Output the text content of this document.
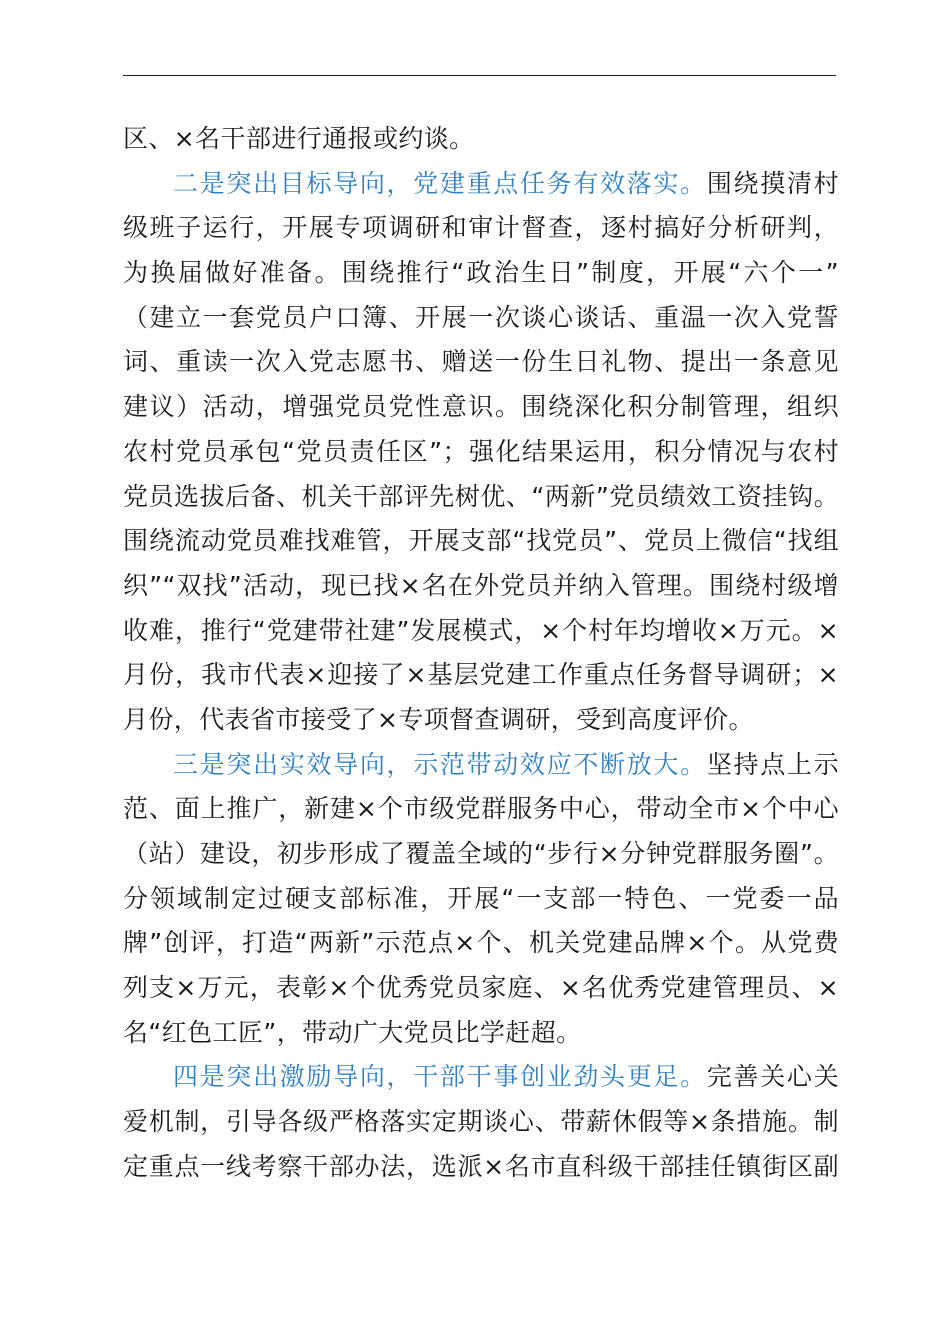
区、×名干部进行通报或约谈。
二是突出目标导向，党建重点任务有效落实。围绕摸清村
级班子运行，开展专项调研和审计督查，逐村搞好分析研判，
为换届做好准备。围绕推行“政治生日”制度，开展“六个一”
（建立一套党员户口簿、开展一次谈心谈话、重温一次入党誓
词、重读一次入党志愿书、赠送一份生日礼物、提出一条意见
建议）活动，增强党员党性意识。围绕深化积分制管理，组织
农村党员承包“党员责任区”；强化结果运用，积分情况与农村
党员选拔后备、机关干部评先树优、“两新”党员绩效工资挂钩。
围绕流动党员难找难管，开展支部“找党员”、党员上微信“找组
织”“双找”活动，现已找×名在外党员并纳入管理。围绕村级增
收难，推行“党建带社建”发展模式，×个村年均增收×万元。×
月份，我市代表×迎接了×基层党建工作重点任务督导调研；×
月份，代表省市接受了×专项督查调研，受到高度评价。
三是突出实效导向，示范带动效应不断放大。坚持点上示
范、面上推广，新建×个市级党群服务中心，带动全市×个中心
（站）建设，初步形成了覆盖全域的“步行×分钟党群服务圈”。
分领域制定过硬支部标准，开展“一支部一特色、一党委一品
牌”创评，打造“两新”示范点×个、机关党建品牌×个。从党费
列支×万元，表彰×个优秀党员家庭、×名优秀党建管理员、×
名“红色工匠”，带动广大党员比学赶超。
四是突出激励导向，干部干事创业劲头更足。完善关心关
爱机制，引导各级严格落实定期谈心、带薪休假等×条措施。制
定重点一线考察干部办法，选派×名市直科级干部挂任镇街区副
